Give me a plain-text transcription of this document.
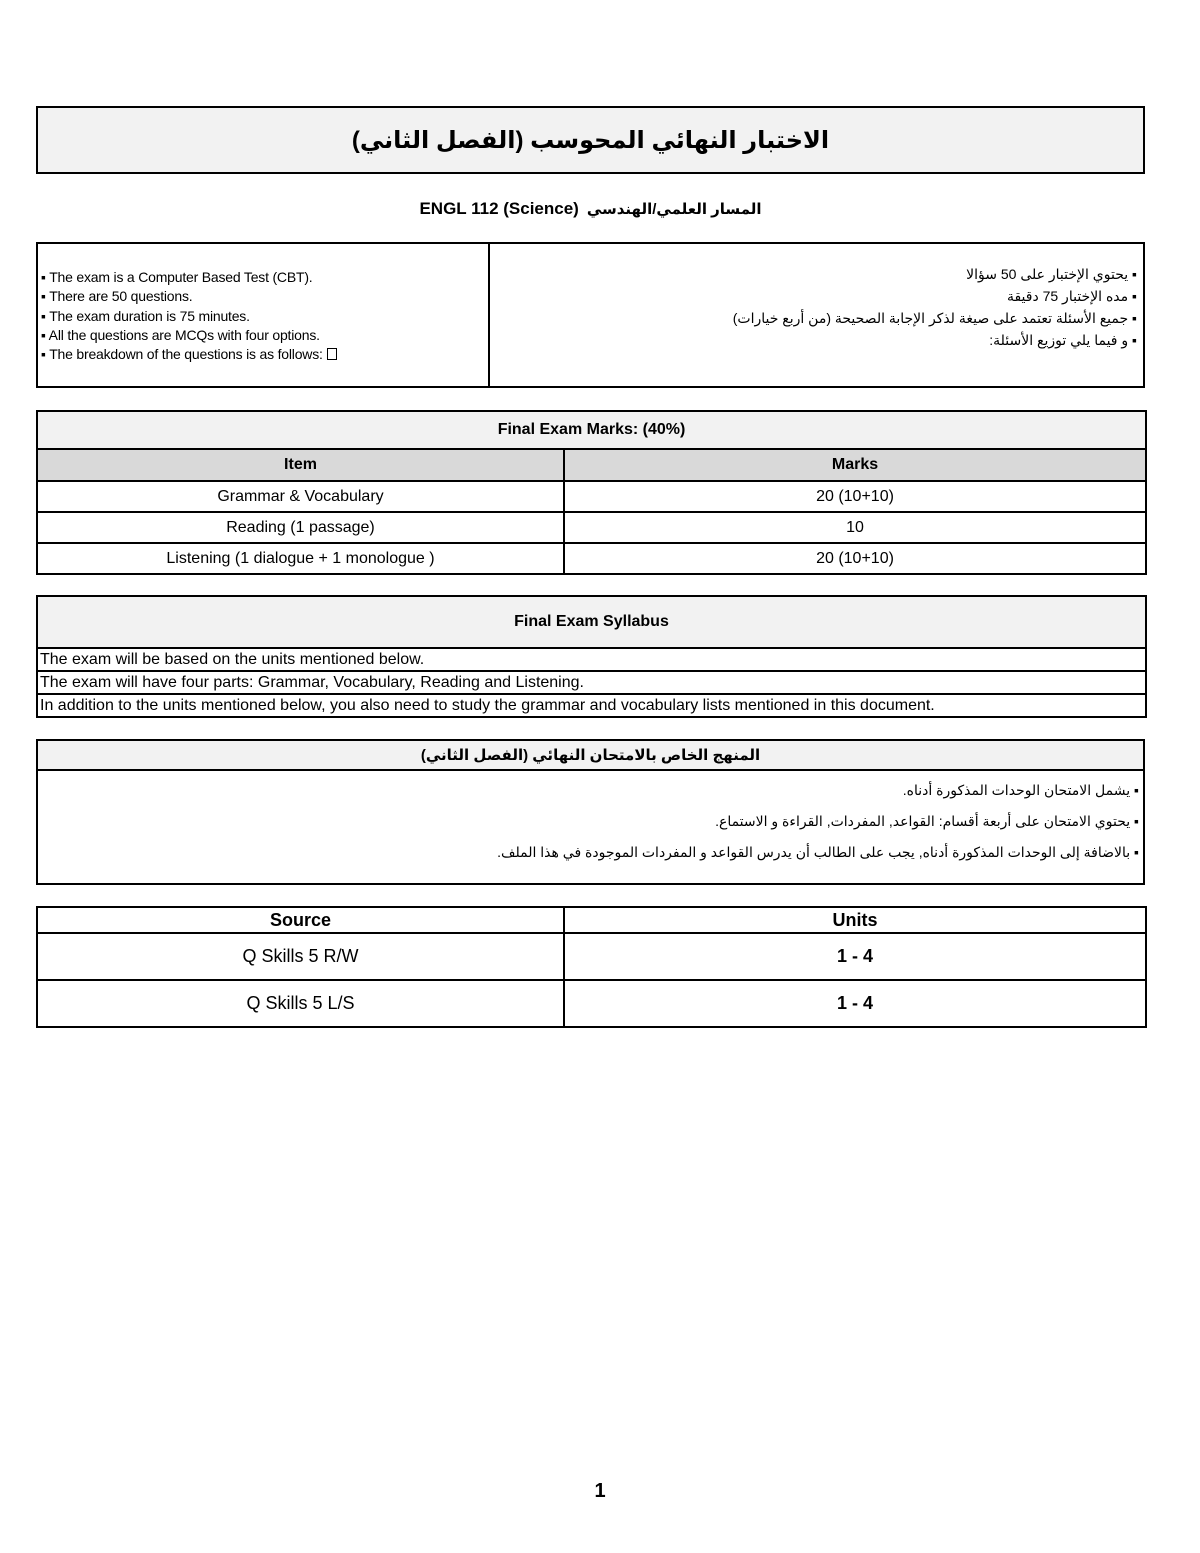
الاختبار النهائي المحوسب (الفصل الثاني)
ENGL 112 (Science) المسار العلمي/الهندسي
▪ The exam is a Computer Based Test (CBT).
▪ There are 50 questions.
▪ The exam duration is 75 minutes.
▪ All the questions are MCQs with four options.
▪ The breakdown of the questions is as follows:
▪ يحتوي الإختبار على 50 سؤالا
▪ مده الإختبار 75 دقيقة
▪ جميع الأسئلة تعتمد على صيغة لذكر الإجابة الصحيحة (من أربع خيارات)
▪ و فيما يلي توزيع الأسئلة:
Final Exam Marks: (40%)	
Item	Marks
Grammar & Vocabulary	20 (10+10)
Reading (1 passage)	10
Listening (1 dialogue + 1 monologue )	20 (10+10)
Final Exam Syllabus
The exam will be based on the units mentioned below.
The exam will have four parts: Grammar, Vocabulary, Reading and Listening.
In addition to the units mentioned below, you also need to study the grammar and vocabulary lists mentioned in this document.
المنهج الخاص بالامتحان النهائي (الفصل الثاني)
▪ يشمل الامتحان الوحدات المذكورة أدناه.
▪ يحتوي الامتحان على أربعة أقسام: القواعد, المفردات, القراءة و الاستماع.
▪ بالاضافة إلى الوحدات المذكورة أدناه, يجب على الطالب أن يدرس القواعد و المفردات الموجودة في هذا الملف.
Source	Units
Q Skills 5 R/W	1 - 4
Q Skills 5 L/S	1 - 4
1
